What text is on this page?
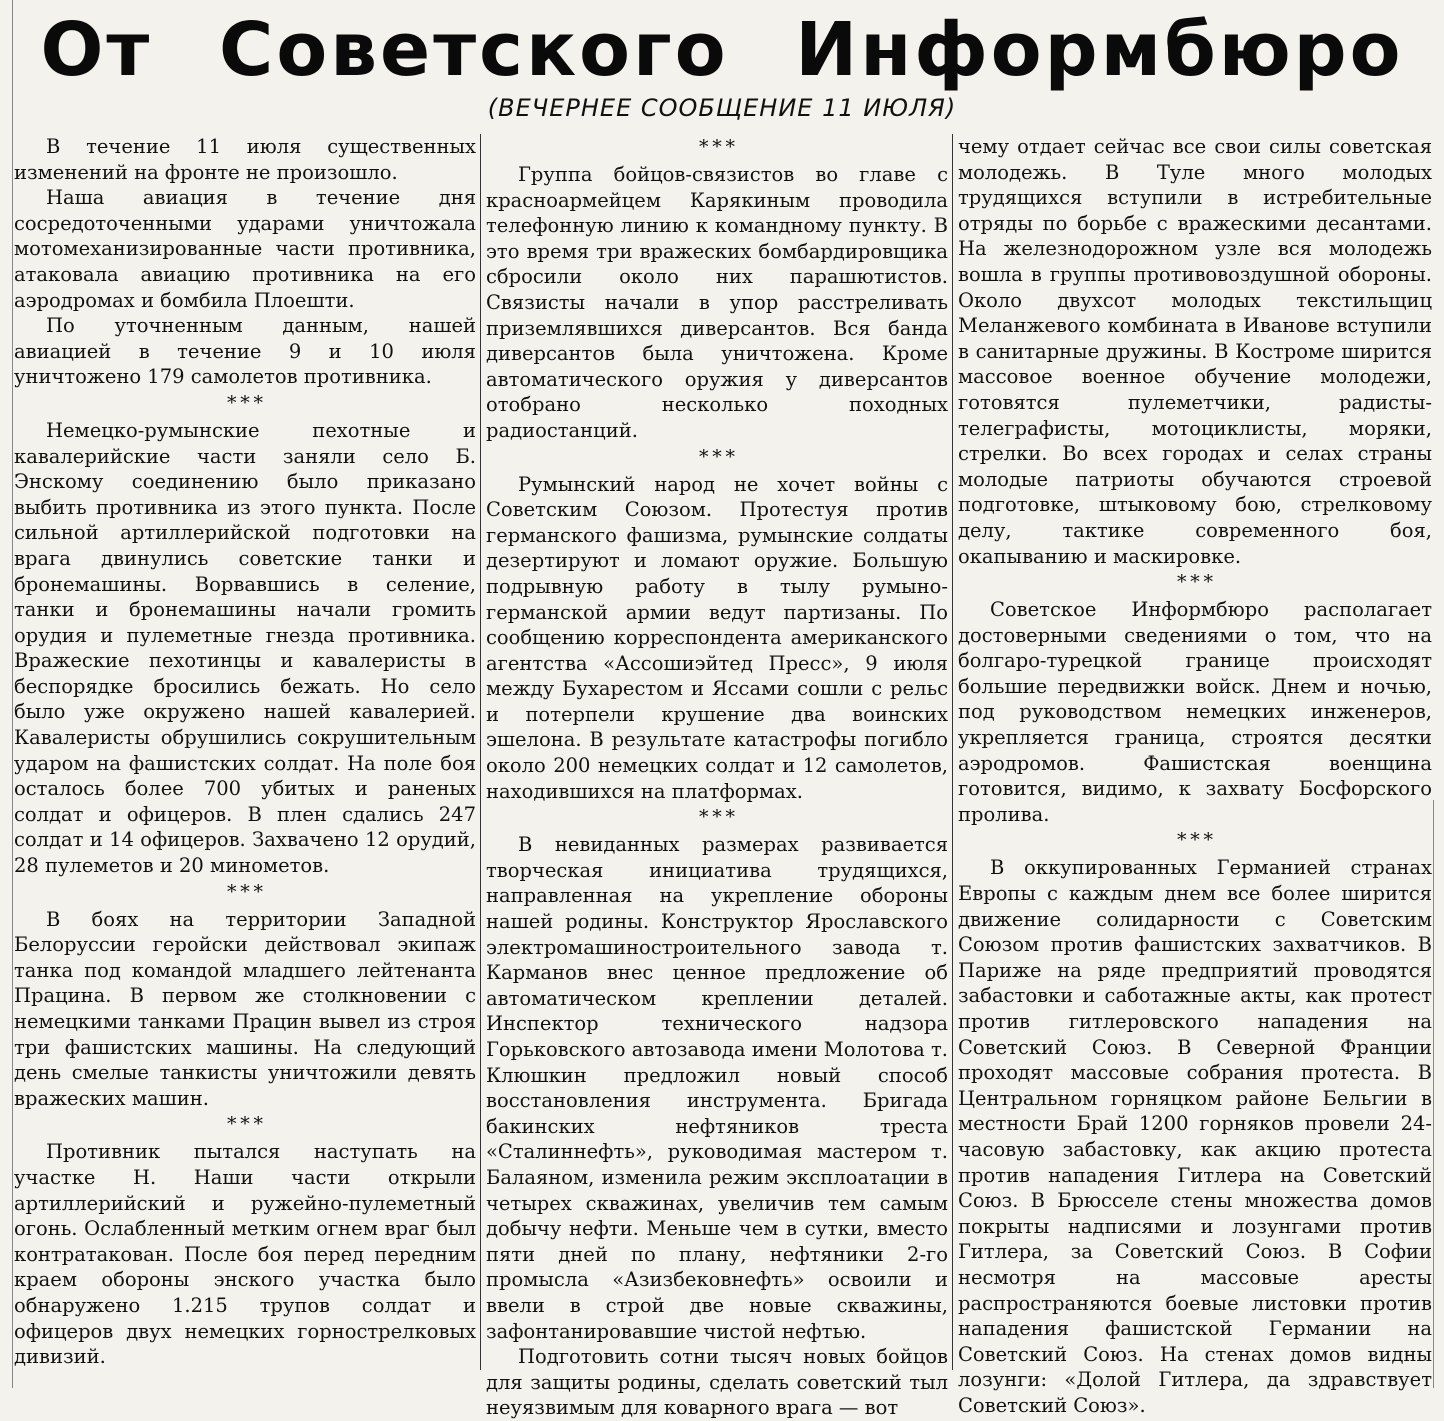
От Советского Информбюро
(ВЕЧЕРНЕЕ СООБЩЕНИЕ 11 ИЮЛЯ)

В течение 11 июля существенных изменений на фронте не произошло.

Наша авиация в течение дня сосредоточенными ударами уничтожала мотомеханизированные части противника, атаковала авиацию противника на его аэродромах и бомбила Плоешти.

По уточненным данным, нашей авиацией в течение 9 и 10 июля уничтожено 179 самолетов противника.

* * *

Немецко-румынские пехотные и кавалерийские части заняли село Б. Энскому соединению было приказано выбить противника из этого пункта. После сильной артиллерийской подготовки на врага двинулись советские танки и бронемашины. Ворвавшись в селение, танки и бронемашины начали громить орудия и пулеметные гнезда противника. Вражеские пехотинцы и кавалеристы в беспорядке бросились бежать. Но село было уже окружено нашей кавалерией. Кавалеристы обрушились сокрушительным ударом на фашистских солдат. На поле боя осталось более 700 убитых и раненых солдат и офицеров. В плен сдались 247 солдат и 14 офицеров. Захвачено 12 орудий, 28 пулеметов и 20 минометов.

* * *

В боях на территории Западной Белоруссии геройски действовал экипаж танка под командой младшего лейтенанта Працина. В первом же столкновении с немецкими танками Працин вывел из строя три фашистских машины. На следующий день смелые танкисты уничтожили девять вражеских машин.

* * *

Противник пытался наступать на участке Н. Наши части открыли артиллерийский и ружейно-пулеметный огонь. Ослабленный метким огнем враг был контратакован. После боя перед передним краем обороны энского участка было обнаружено 1.215 трупов солдат и офицеров двух немецких горнострелковых дивизий.

* * *

Группа бойцов-связистов во главе с красноармейцем Карякиным проводила телефонную линию к командному пункту. В это время три вражеских бомбардировщика сбросили около них парашютистов. Связисты начали в упор расстреливать приземлявшихся диверсантов. Вся банда диверсантов была уничтожена. Кроме автоматического оружия у диверсантов отобрано несколько походных радиостанций.

* * *

Румынский народ не хочет войны с Советским Союзом. Протестуя против германского фашизма, румынские солдаты дезертируют и ломают оружие. Большую подрывную работу в тылу румыно-германской армии ведут партизаны. По сообщению корреспондента американского агентства «Ассошиэйтед Пресс», 9 июля между Бухарестом и Яссами сошли с рельс и потерпели крушение два воинских эшелона. В результате катастрофы погибло около 200 немецких солдат и 12 самолетов, находившихся на платформах.

* * *

В невиданных размерах развивается творческая инициатива трудящихся, направленная на укрепление обороны нашей родины. Конструктор Ярославского электромашиностроительного завода т. Карманов внес ценное предложение об автоматическом креплении деталей. Инспектор технического надзора Горьковского автозавода имени Молотова т. Клюшкин предложил новый способ восстановления инструмента. Бригада бакинских нефтяников треста «Сталиннефть», руководимая мастером т. Балаяном, изменила режим эксплоатации в четырех скважинах, увеличив тем самым добычу нефти. Меньше чем в сутки, вместо пяти дней по плану, нефтяники 2-го промысла «Азизбековнефть» освоили и ввели в строй две новые скважины, зафонтанировавшие чистой нефтью.

Подготовить сотни тысяч новых бойцов для защиты родины, сделать советский тыл неуязвимым для коварного врага — вот

чему отдает сейчас все свои силы советская молодежь. В Туле много молодых трудящихся вступили в истребительные отряды по борьбе с вражескими десантами. На железнодорожном узле вся молодежь вошла в группы противовоздушной обороны. Около двухсот молодых текстильщиц Меланжевого комбината в Иванове вступили в санитарные дружины. В Костроме ширится массовое военное обучение молодежи, готовятся пулеметчики, радисты-телеграфисты, мотоциклисты, моряки, стрелки. Во всех городах и селах страны молодые патриоты обучаются строевой подготовке, штыковому бою, стрелковому делу, тактике современного боя, окапыванию и маскировке.

* * *

Советское Информбюро располагает достоверными сведениями о том, что на болгаро-турецкой границе происходят большие передвижки войск. Днем и ночью, под руководством немецких инженеров, укрепляется граница, строятся десятки аэродромов. Фашистская военщина готовится, видимо, к захвату Босфорского пролива.

* * *

В оккупированных Германией странах Европы с каждым днем все более ширится движение солидарности с Советским Союзом против фашистских захватчиков. В Париже на ряде предприятий проводятся забастовки и саботажные акты, как протест против гитлеровского нападения на Советский Союз. В Северной Франции проходят массовые собрания протеста. В Центральном горняцком районе Бельгии в местности Брай 1200 горняков провели 24-часовую забастовку, как акцию протеста против нападения Гитлера на Советский Союз. В Брюсселе стены множества домов покрыты надписями и лозунгами против Гитлера, за Советский Союз. В Софии несмотря на массовые аресты распространяются боевые листовки против нападения фашистской Германии на Советский Союз. На стенах домов видны лозунги: «Долой Гитлера, да здравствует Советский Союз».
